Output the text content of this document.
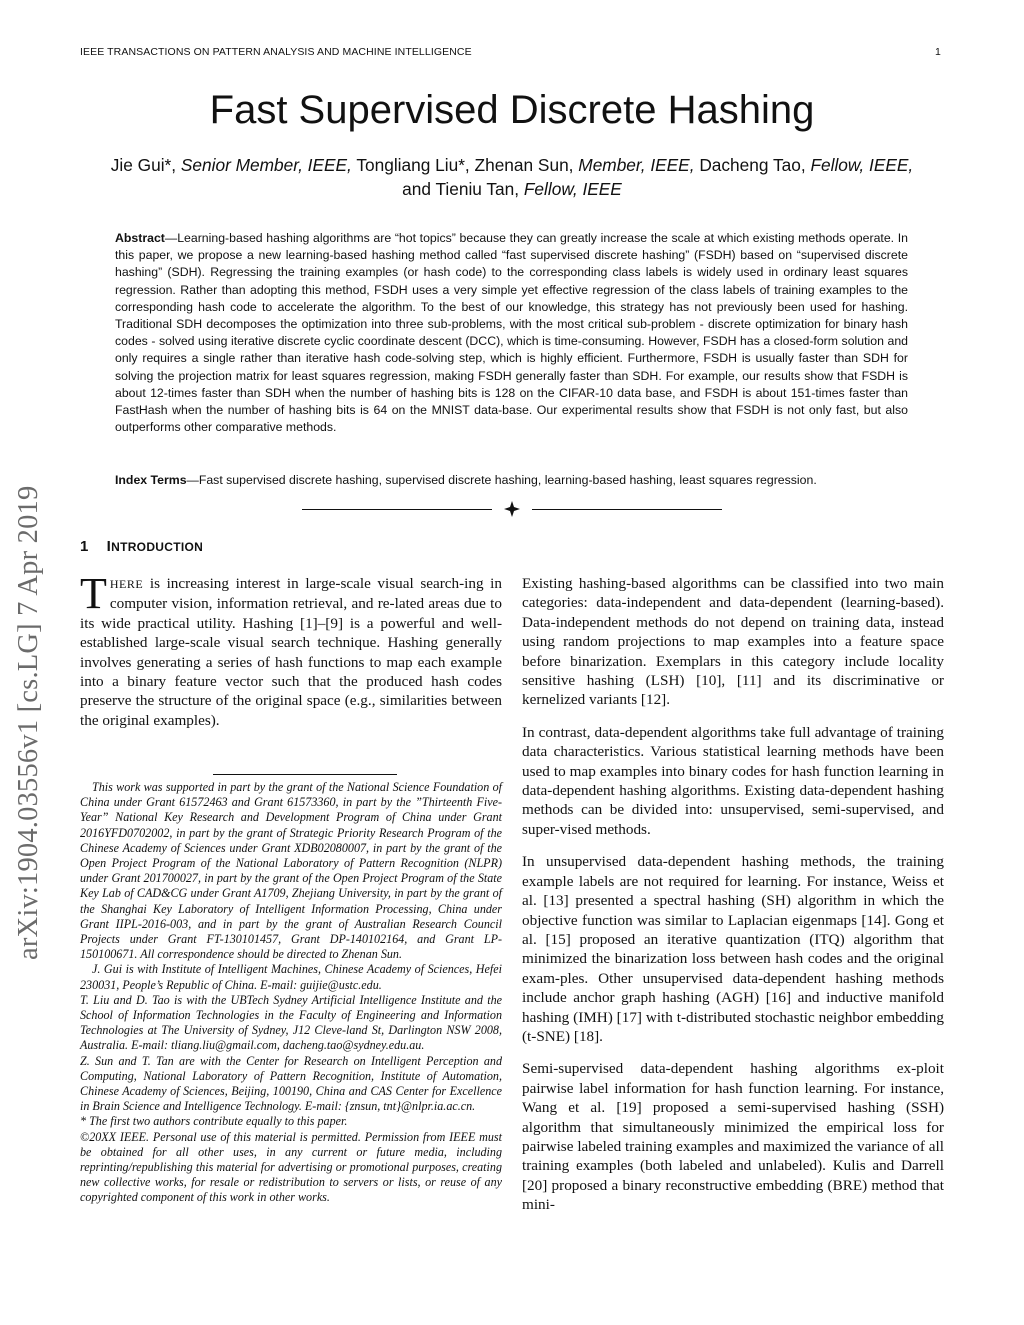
IEEE TRANSACTIONS ON PATTERN ANALYSIS AND MACHINE INTELLIGENCE	1
Fast Supervised Discrete Hashing
Jie Gui*, Senior Member, IEEE, Tongliang Liu*, Zhenan Sun, Member, IEEE, Dacheng Tao, Fellow, IEEE,
and Tieniu Tan, Fellow, IEEE
Abstract—Learning-based hashing algorithms are “hot topics” because they can greatly increase the scale at which existing methods operate. In this paper, we propose a new learning-based hashing method called “fast supervised discrete hashing” (FSDH) based on “supervised discrete hashing” (SDH). Regressing the training examples (or hash code) to the corresponding class labels is widely used in ordinary least squares regression. Rather than adopting this method, FSDH uses a very simple yet effective regression of the class labels of training examples to the corresponding hash code to accelerate the algorithm. To the best of our knowledge, this strategy has not previously been used for hashing. Traditional SDH decomposes the optimization into three sub-problems, with the most critical sub-problem - discrete optimization for binary hash codes - solved using iterative discrete cyclic coordinate descent (DCC), which is time-consuming. However, FSDH has a closed-form solution and only requires a single rather than iterative hash code-solving step, which is highly efficient. Furthermore, FSDH is usually faster than SDH for solving the projection matrix for least squares regression, making FSDH generally faster than SDH. For example, our results show that FSDH is about 12-times faster than SDH when the number of hashing bits is 128 on the CIFAR-10 data base, and FSDH is about 151-times faster than FastHash when the number of hashing bits is 64 on the MNIST data-base. Our experimental results show that FSDH is not only fast, but also outperforms other comparative methods.
Index Terms—Fast supervised discrete hashing, supervised discrete hashing, learning-based hashing, least squares regression.
1 INTRODUCTION

THERE is increasing interest in large-scale visual search-ing in computer vision, information retrieval, and re-lated areas due to its wide practical utility. Hashing [1]–[9] is a powerful and well-established large-scale visual search technique. Hashing generally involves generating a series of hash functions to map each example into a binary feature vector such that the produced hash codes preserve the structure of the original space (e.g., similarities between the original examples).

This work was supported in part by the grant of the National Science Foundation of China under Grant 61572463 and Grant 61573360, in part by the ”Thirteenth Five-Year” National Key Research and Development Program of China under Grant 2016YFD0702002, in part by the grant of Strategic Priority Research Program of the Chinese Academy of Sciences under Grant XDB02080007, in part by the grant of the Open Project Program of the National Laboratory of Pattern Recognition (NLPR) under Grant 201700027, in part by the grant of the Open Project Program of the State Key Lab of CAD&CG under Grant A1709, Zhejiang University, in part by the grant of the Shanghai Key Laboratory of Intelligent Information Processing, China under Grant IIPL-2016-003, and in part by the grant of Australian Research Council Projects under Grant FT-130101457, Grant DP-140102164, and Grant LP-150100671. All correspondence should be directed to Zhenan Sun.

J. Gui is with Institute of Intelligent Machines, Chinese Academy of Sciences, Hefei 230031, People’s Republic of China. E-mail: guijie@ustc.edu.

T. Liu and D. Tao is with the UBTech Sydney Artificial Intelligence Institute and the School of Information Technologies in the Faculty of Engineering and Information Technologies at The University of Sydney, J12 Cleve-land St, Darlington NSW 2008, Australia. E-mail: tliang.liu@gmail.com, dacheng.tao@sydney.edu.au.

Z. Sun and T. Tan are with the Center for Research on Intelligent Perception and Computing, National Laboratory of Pattern Recognition, Institute of Automation, Chinese Academy of Sciences, Beijing, 100190, China and CAS Center for Excellence in Brain Science and Intelligence Technology. E-mail: {znsun, tnt}@nlpr.ia.ac.cn.

* The first two authors contribute equally to this paper.

©20XX IEEE. Personal use of this material is permitted. Permission from IEEE must be obtained for all other uses, in any current or future media, including reprinting/republishing this material for advertising or promotional purposes, creating new collective works, for resale or redistribution to servers or lists, or reuse of any copyrighted component of this work in other works.

Existing hashing-based algorithms can be classified into two main categories: data-independent and data-dependent (learning-based). Data-independent methods do not depend on training data, instead using random projections to map examples into a feature space before binarization. Exemplars in this category include locality sensitive hashing (LSH) [10], [11] and its discriminative or kernelized variants [12].

In contrast, data-dependent algorithms take full advantage of training data characteristics. Various statistical learning methods have been used to map examples into binary codes for hash function learning in data-dependent hashing algorithms. Existing data-dependent hashing methods can be divided into: unsupervised, semi-supervised, and super-vised methods.

In unsupervised data-dependent hashing methods, the training example labels are not required for learning. For instance, Weiss et al. [13] presented a spectral hashing (SH) algorithm in which the objective function was similar to Laplacian eigenmaps [14]. Gong et al. [15] proposed an iterative quantization (ITQ) algorithm that minimized the binarization loss between hash codes and the original exam-ples. Other unsupervised data-dependent hashing methods include anchor graph hashing (AGH) [16] and inductive manifold hashing (IMH) [17] with t-distributed stochastic neighbor embedding (t-SNE) [18].

Semi-supervised data-dependent hashing algorithms ex-ploit pairwise label information for hash function learning. For instance, Wang et al. [19] proposed a semi-supervised hashing (SSH) algorithm that simultaneously minimized the empirical loss for pairwise labeled training examples and maximized the variance of all training examples (both labeled and unlabeled). Kulis and Darrell [20] proposed a binary reconstructive embedding (BRE) method that mini-

arXiv:1904.03556v1 [cs.LG] 7 Apr 2019
